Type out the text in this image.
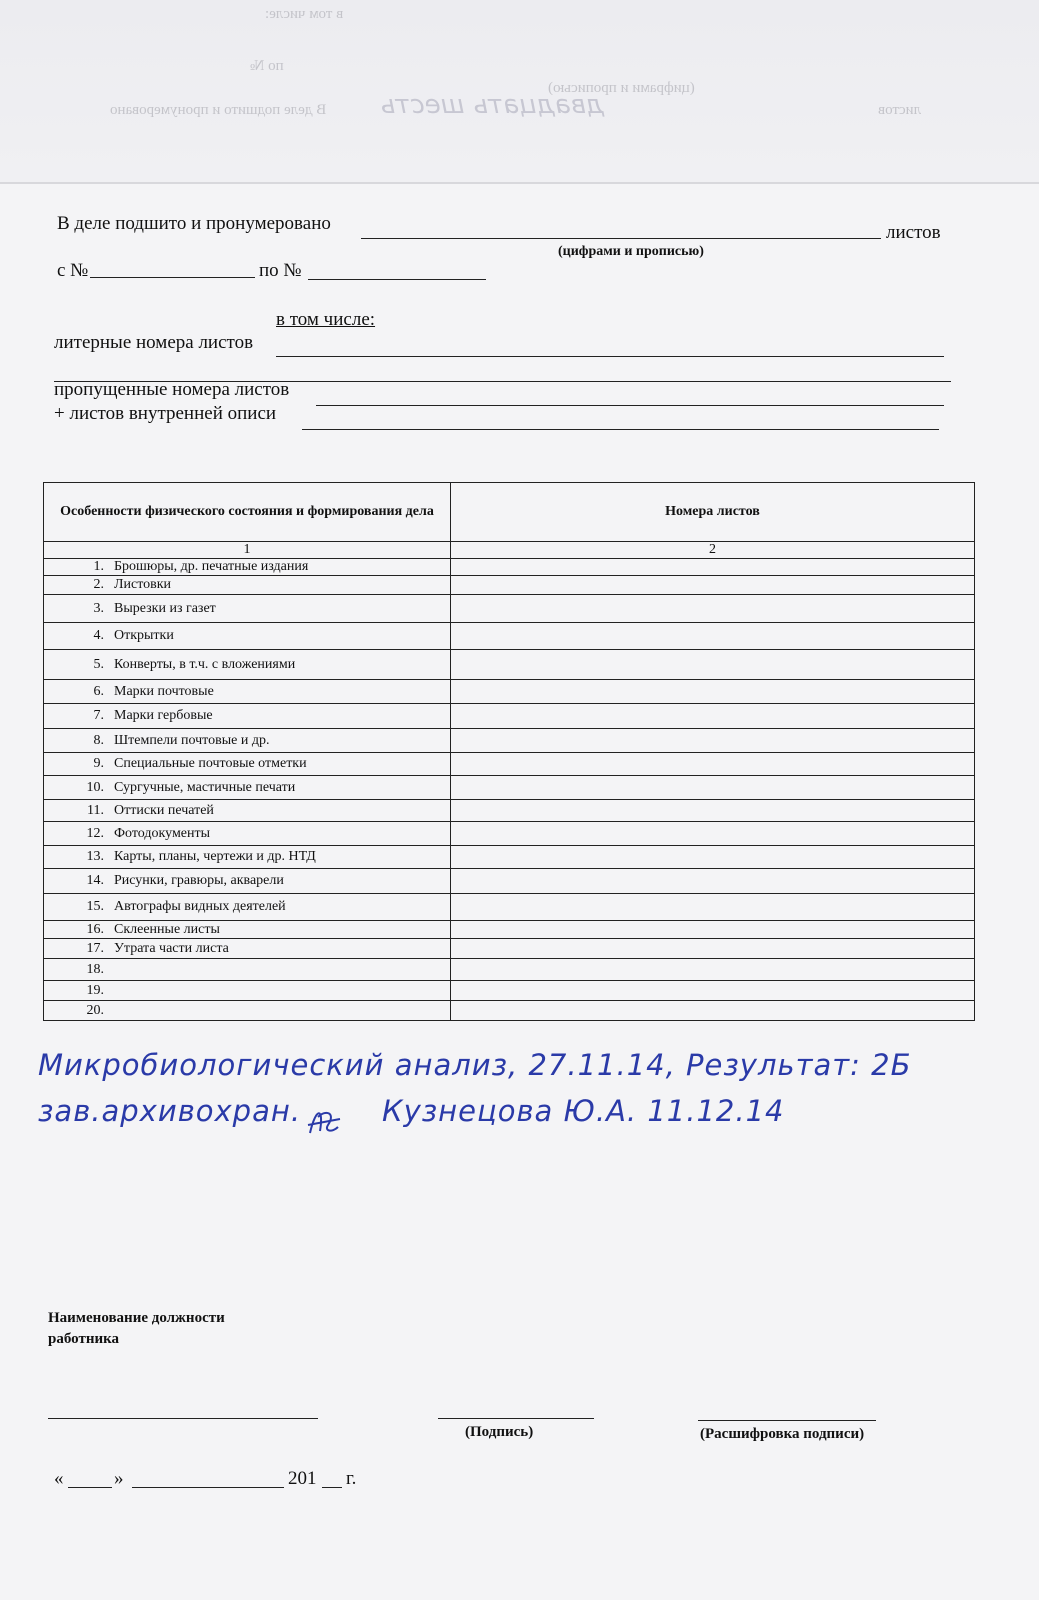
в том числе:
по №
(цифрами и прописью)
В деле подшито и пронумеровано	листов
двадцать шесть
В деле подшито и пронумеровано	листов
(цифрами и прописью)
с №	по №
в том числе:
литерные номера листов
пропущенные номера листов
+ листов внутренней описи
Особенности физического состояния и формирования дела	Номера листов
1	2
1. Брошюры, др. печатные издания	
2. Листовки	
3. Вырезки из газет	
4. Открытки	
5. Конверты, в т.ч. с вложениями	
6. Марки почтовые	
7. Марки гербовые	
8. Штемпели почтовые и др.	
9. Специальные почтовые отметки	
10. Сургучные, мастичные печати	
11. Оттиски печатей	
12. Фотодокументы	
13. Карты, планы, чертежи и др. НТД	
14. Рисунки, гравюры, акварели	
15. Автографы видных деятелей	
16. Склеенные листы	
17. Утрата части листа	
18.	
19.	
20.	
Микробиологический анализ, 27.11.14, Результат: 2Б
зав.архивохран.	Кузнецова Ю.А. 11.12.14
Наименование должности
работника
(Подпись)	(Расшифровка подписи)
«	»	201 г.
